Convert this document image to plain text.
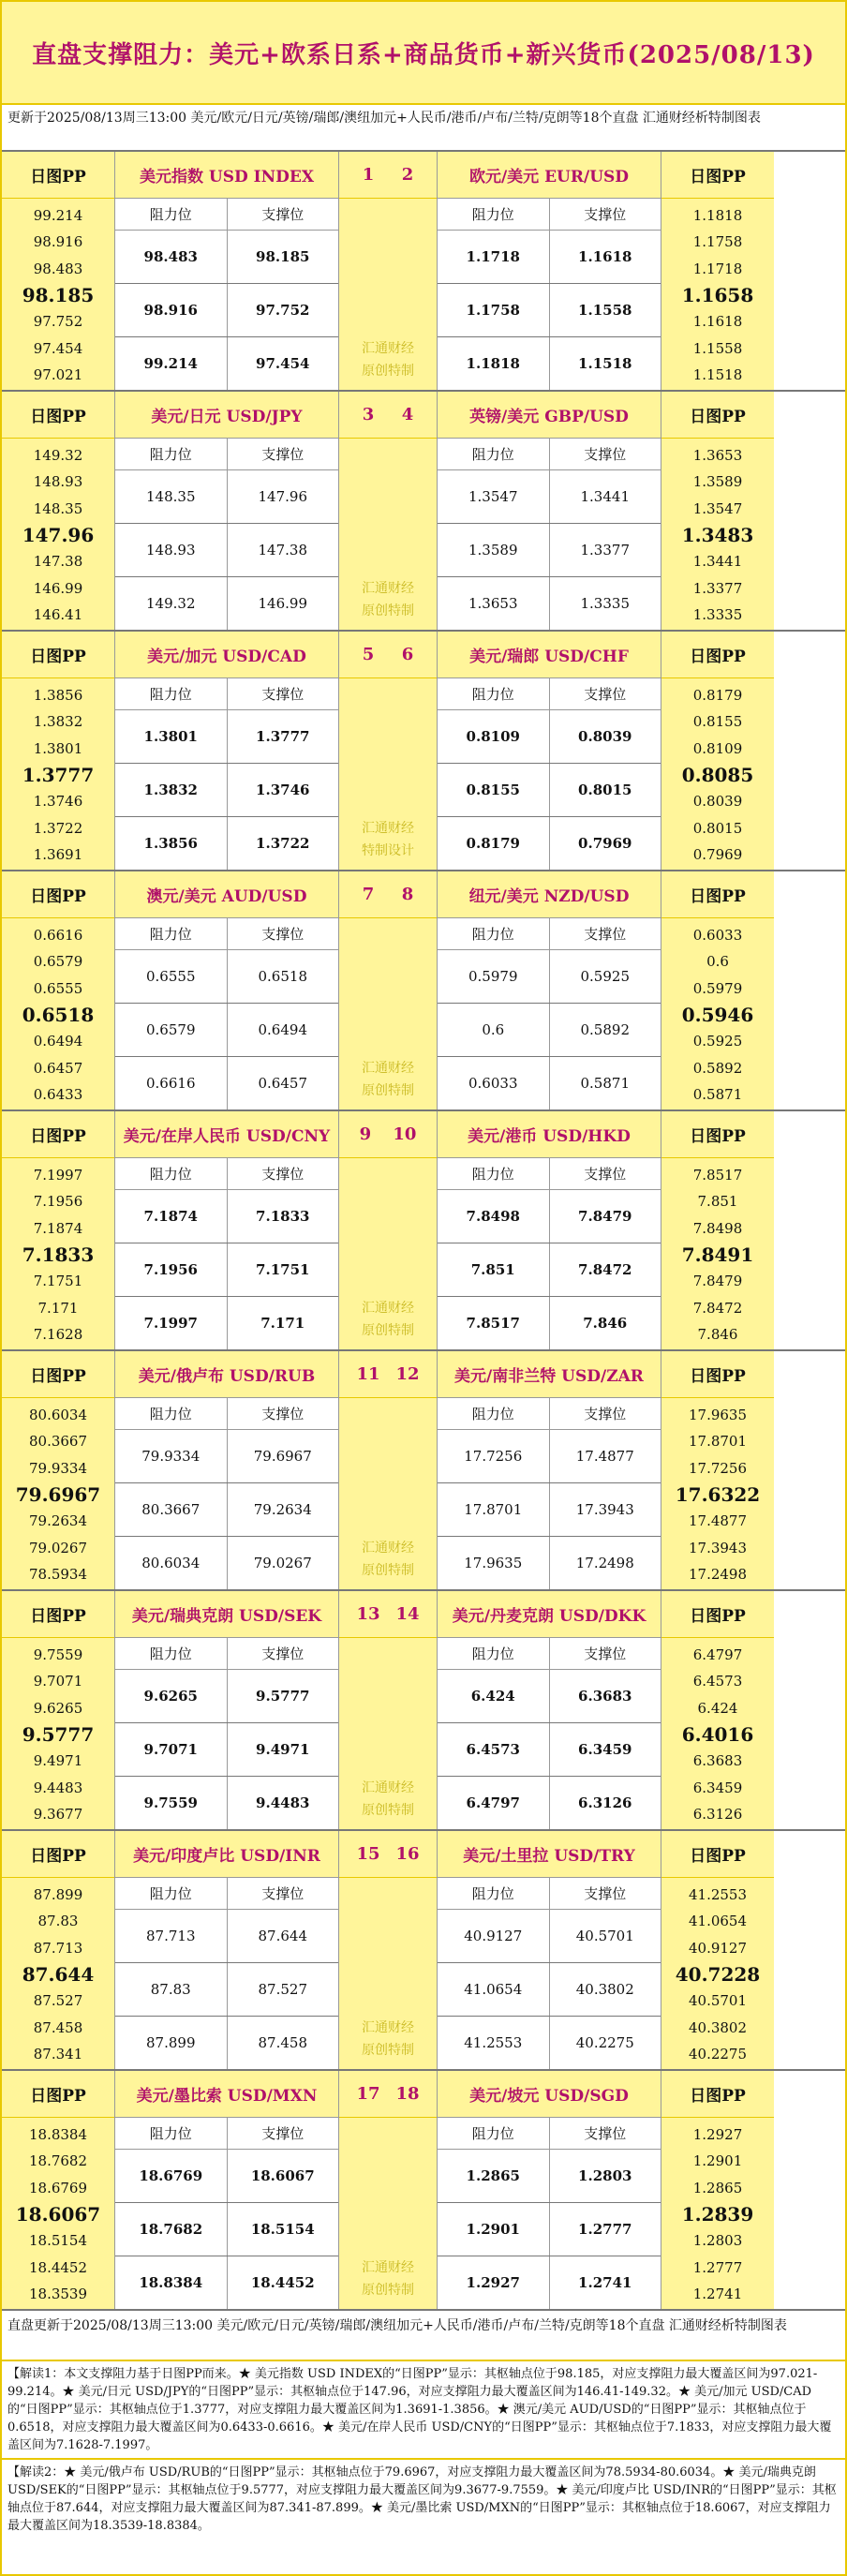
直盘支撑阻力：美元+欧系日系+商品货币+新兴货币(2025/08/13)
更新于2025/08/13周三13:00 美元/欧元/日元/英镑/瑞郎/澳纽加元+人民币/港币/卢布/兰特/克朗等18个直盘 汇通财经析特制图表
日图PP
99.214
98.916
98.483
98.185
97.752
97.454
97.021
美元指数 USD INDEX
阻力位	支撑位
98.483	98.185
98.916	97.752
99.214	97.454
1 2
汇通财经
原创特制
欧元/美元 EUR/USD
阻力位	支撑位
1.1718	1.1618
1.1758	1.1558
1.1818	1.1518
日图PP
1.1818
1.1758
1.1718
1.1658
1.1618
1.1558
1.1518
日图PP
149.32
148.93
148.35
147.96
147.38
146.99
146.41
美元/日元 USD/JPY
阻力位	支撑位
148.35	147.96
148.93	147.38
149.32	146.99
3 4
汇通财经
原创特制
英镑/美元 GBP/USD
阻力位	支撑位
1.3547	1.3441
1.3589	1.3377
1.3653	1.3335
日图PP
1.3653
1.3589
1.3547
1.3483
1.3441
1.3377
1.3335
日图PP
1.3856
1.3832
1.3801
1.3777
1.3746
1.3722
1.3691
美元/加元 USD/CAD
阻力位	支撑位
1.3801	1.3777
1.3832	1.3746
1.3856	1.3722
5 6
汇通财经
特制设计
美元/瑞郎 USD/CHF
阻力位	支撑位
0.8109	0.8039
0.8155	0.8015
0.8179	0.7969
日图PP
0.8179
0.8155
0.8109
0.8085
0.8039
0.8015
0.7969
日图PP
0.6616
0.6579
0.6555
0.6518
0.6494
0.6457
0.6433
澳元/美元 AUD/USD
阻力位	支撑位
0.6555	0.6518
0.6579	0.6494
0.6616	0.6457
7 8
汇通财经
原创特制
纽元/美元 NZD/USD
阻力位	支撑位
0.5979	0.5925
0.6	0.5892
0.6033	0.5871
日图PP
0.6033
0.6
0.5979
0.5946
0.5925
0.5892
0.5871
日图PP
7.1997
7.1956
7.1874
7.1833
7.1751
7.171
7.1628
美元/在岸人民币 USD/CNY
阻力位	支撑位
7.1874	7.1833
7.1956	7.1751
7.1997	7.171
9 10
汇通财经
原创特制
美元/港币 USD/HKD
阻力位	支撑位
7.8498	7.8479
7.851	7.8472
7.8517	7.846
日图PP
7.8517
7.851
7.8498
7.8491
7.8479
7.8472
7.846
日图PP
80.6034
80.3667
79.9334
79.6967
79.2634
79.0267
78.5934
美元/俄卢布 USD/RUB
阻力位	支撑位
79.9334	79.6967
80.3667	79.2634
80.6034	79.0267
11 12
汇通财经
原创特制
美元/南非兰特 USD/ZAR
阻力位	支撑位
17.7256	17.4877
17.8701	17.3943
17.9635	17.2498
日图PP
17.9635
17.8701
17.7256
17.6322
17.4877
17.3943
17.2498
日图PP
9.7559
9.7071
9.6265
9.5777
9.4971
9.4483
9.3677
美元/瑞典克朗 USD/SEK
阻力位	支撑位
9.6265	9.5777
9.7071	9.4971
9.7559	9.4483
13 14
汇通财经
原创特制
美元/丹麦克朗 USD/DKK
阻力位	支撑位
6.424	6.3683
6.4573	6.3459
6.4797	6.3126
日图PP
6.4797
6.4573
6.424
6.4016
6.3683
6.3459
6.3126
日图PP
87.899
87.83
87.713
87.644
87.527
87.458
87.341
美元/印度卢比 USD/INR
阻力位	支撑位
87.713	87.644
87.83	87.527
87.899	87.458
15 16
汇通财经
原创特制
美元/土里拉 USD/TRY
阻力位	支撑位
40.9127	40.5701
41.0654	40.3802
41.2553	40.2275
日图PP
41.2553
41.0654
40.9127
40.7228
40.5701
40.3802
40.2275
日图PP
18.8384
18.7682
18.6769
18.6067
18.5154
18.4452
18.3539
美元/墨比索 USD/MXN
阻力位	支撑位
18.6769	18.6067
18.7682	18.5154
18.8384	18.4452
17 18
汇通财经
原创特制
美元/坡元 USD/SGD
阻力位	支撑位
1.2865	1.2803
1.2901	1.2777
1.2927	1.2741
日图PP
1.2927
1.2901
1.2865
1.2839
1.2803
1.2777
1.2741
直盘更新于2025/08/13周三13:00 美元/欧元/日元/英镑/瑞郎/澳纽加元+人民币/港币/卢布/兰特/克朗等18个直盘 汇通财经析特制图表
【解读1：本文支撑阻力基于日图PP而来。★ 美元指数 USD INDEX的“日图PP”显示：其枢轴点位于98.185，对应支撑阻力最大覆盖区间为97.021-99.214。★ 美元/日元 USD/JPY的“日图PP”显示：其枢轴点位于147.96，对应支撑阻力最大覆盖区间为146.41-149.32。★ 美元/加元 USD/CAD的“日图PP”显示：其枢轴点位于1.3777，对应支撑阻力最大覆盖区间为1.3691-1.3856。★ 澳元/美元 AUD/USD的“日图PP”显示：其枢轴点位于0.6518，对应支撑阻力最大覆盖区间为0.6433-0.6616。★ 美元/在岸人民币 USD/CNY的“日图PP”显示：其枢轴点位于7.1833，对应支撑阻力最大覆盖区间为7.1628-7.1997。
【解读2：★ 美元/俄卢布 USD/RUB的“日图PP”显示：其枢轴点位于79.6967，对应支撑阻力最大覆盖区间为78.5934-80.6034。★ 美元/瑞典克朗 USD/SEK的“日图PP”显示：其枢轴点位于9.5777，对应支撑阻力最大覆盖区间为9.3677-9.7559。★ 美元/印度卢比 USD/INR的“日图PP”显示：其枢轴点位于87.644，对应支撑阻力最大覆盖区间为87.341-87.899。★ 美元/墨比索 USD/MXN的“日图PP”显示：其枢轴点位于18.6067，对应支撑阻力最大覆盖区间为18.3539-18.8384。
